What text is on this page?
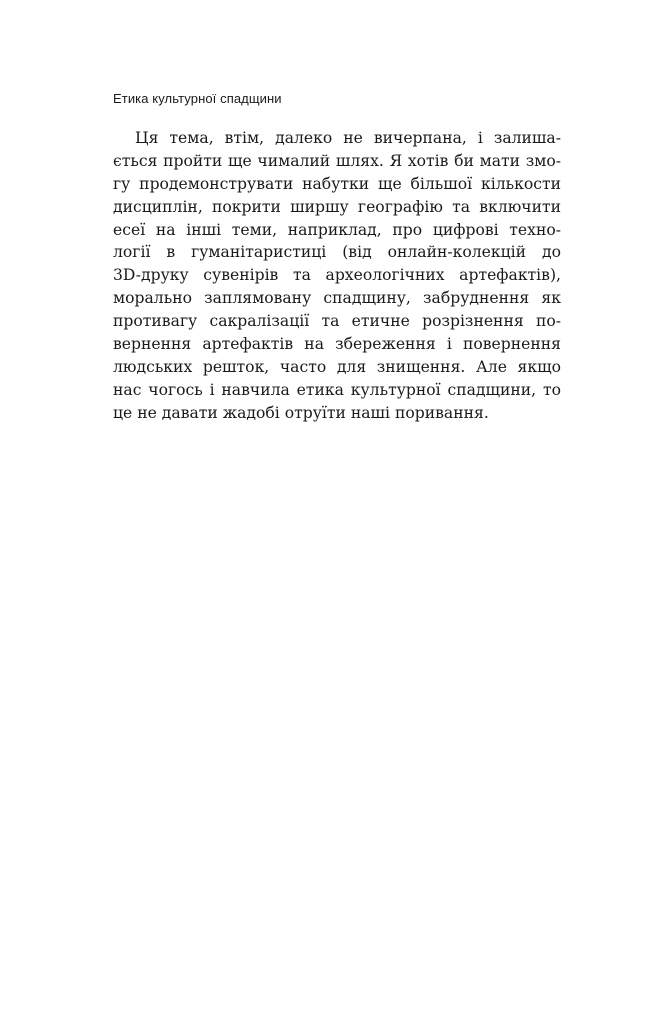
Етика культурної спадщини
Ця тема, втім, далеко не вичерпана, і залиша-
ється пройти ще чималий шлях. Я хотів би мати змо-
гу продемонструвати набутки ще більшої кількости
дисциплін, покрити ширшу географію та включити
есеї на інші теми, наприклад, про цифрові техно-
логії в гуманітаристиці (від онлайн-колекцій до
3D-друку сувенірів та археологічних артефактів),
морально заплямовану спадщину, забруднення як
противагу сакралізації та етичне розрізнення по-
вернення артефактів на збереження і повернення
людських решток, часто для знищення. Але якщо
нас чогось і навчила етика культурної спадщини, то
це не давати жадобі отруїти наші поривання.
